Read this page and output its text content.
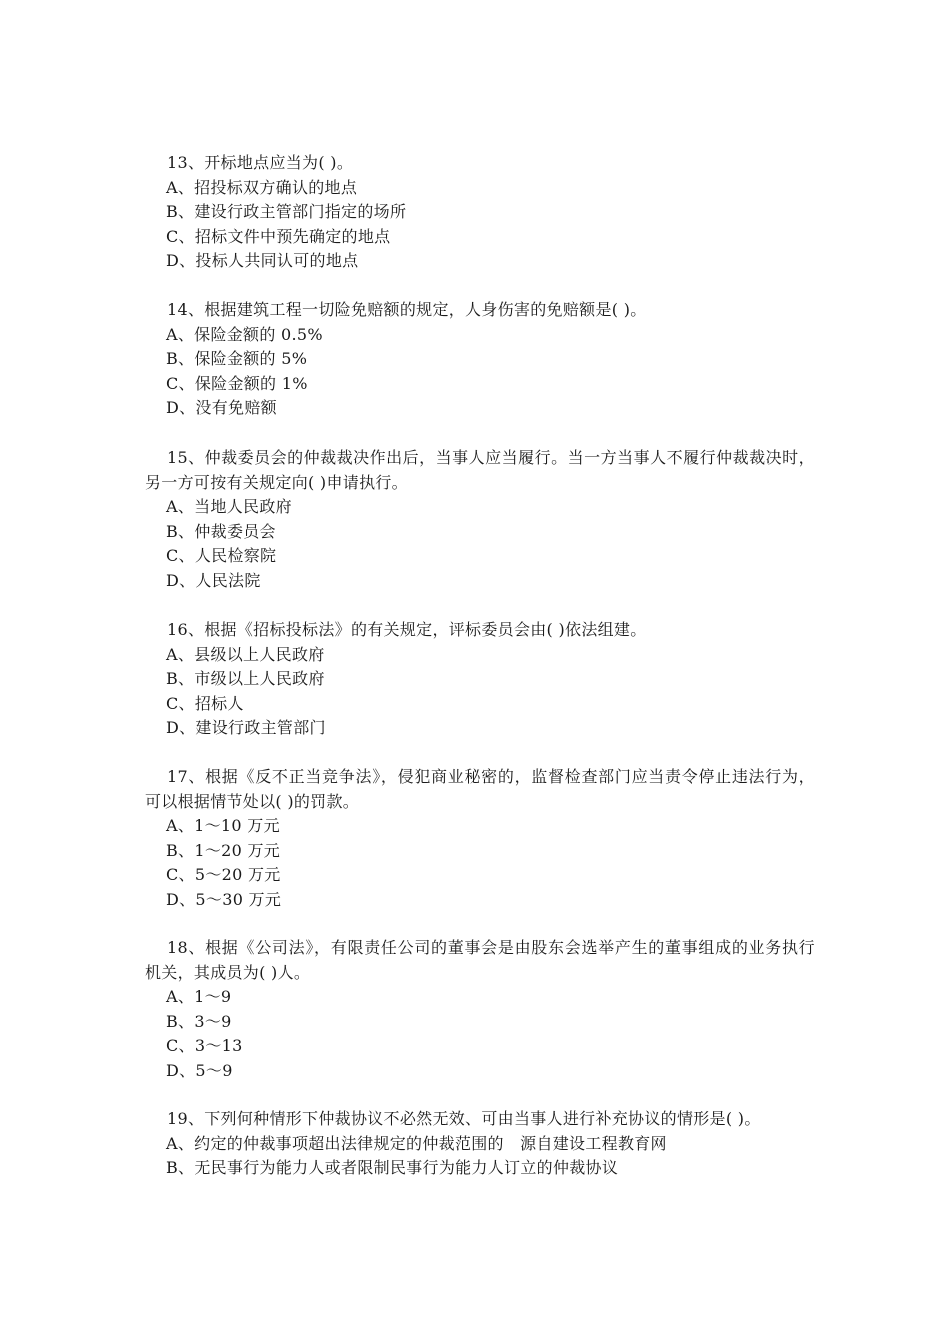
13、开标地点应当为( )。

A、招投标双方确认的地点
B、建设行政主管部门指定的场所
C、招标文件中预先确定的地点
D、投标人共同认可的地点

14、根据建筑工程一切险免赔额的规定，人身伤害的免赔额是( )。

A、保险金额的 0.5%
B、保险金额的 5%
C、保险金额的 1%
D、没有免赔额

15、仲裁委员会的仲裁裁决作出后，当事人应当履行。当一方当事人不履行仲裁裁决时，另一方可按有关规定向( )申请执行。

A、当地人民政府
B、仲裁委员会
C、人民检察院
D、人民法院

16、根据《招标投标法》的有关规定，评标委员会由( )依法组建。

A、县级以上人民政府
B、市级以上人民政府
C、招标人
D、建设行政主管部门

17、根据《反不正当竞争法》，侵犯商业秘密的，监督检查部门应当责令停止违法行为，可以根据情节处以( )的罚款。

A、1～10 万元
B、1～20 万元
C、5～20 万元
D、5～30 万元

18、根据《公司法》，有限责任公司的董事会是由股东会选举产生的董事组成的业务执行机关，其成员为( )人。

A、1～9
B、3～9
C、3～13
D、5～9

19、下列何种情形下仲裁协议不必然无效、可由当事人进行补充协议的情形是( )。

A、约定的仲裁事项超出法律规定的仲裁范围的　源自建设工程教育网
B、无民事行为能力人或者限制民事行为能力人订立的仲裁协议
